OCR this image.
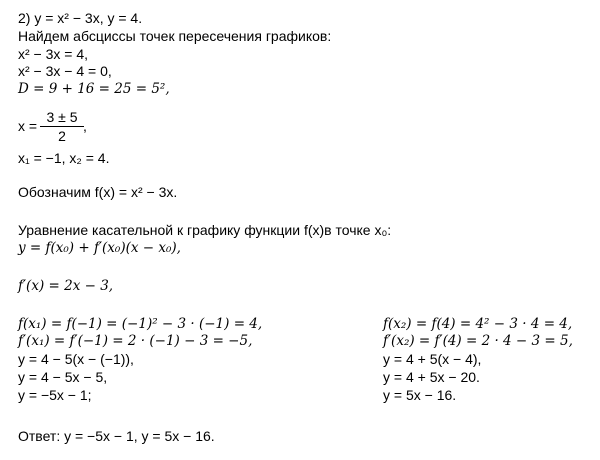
2) y = x² − 3x, y = 4.
Найдем абсциссы точек пересечения графиков:
x² − 3x = 4,
x² − 3x − 4 = 0,
D = 9 + 16 = 25 = 5²,
$x = \frac{3 \pm 5}{2}$ ,
x₁ = −1, x₂ = 4.
Обозначим f(x) = x² − 3x.
Уравнение касательной к графику функции f(x)в точке x₀:
y = f(x₀) + f′(x₀)(x − x₀),
f′(x) = 2x − 3,
f(x₁) = f(−1) = (−1)² − 3 · (−1) = 4,
f′(x₁) = f′(−1) = 2 · (−1) − 3 = −5,
y = 4 − 5(x − (−1)),
y = 4 − 5x − 5,
y = −5x − 1;
f(x₂) = f(4) = 4² − 3 · 4 = 4,
f′(x₂) = f′(4) = 2 · 4 − 3 = 5,
y = 4 + 5(x − 4),
y = 4 + 5x − 20.
y = 5x − 16.
Ответ: y = −5x − 1, y = 5x − 16.
